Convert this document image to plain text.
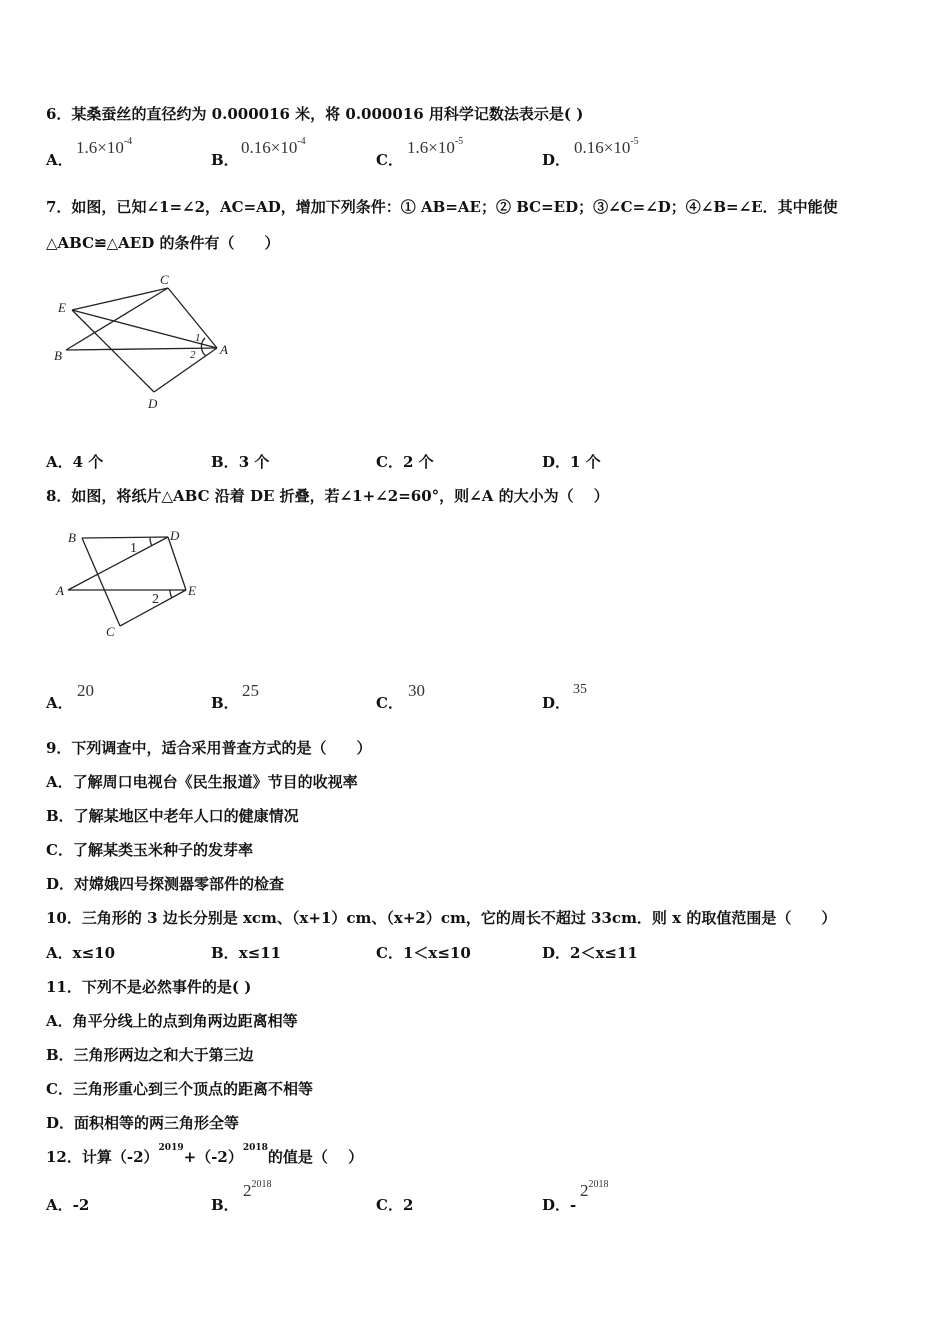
6．某桑蚕丝的直径约为 0.000016 米，将 0.000016 用科学记数法表示是( )
A．
$1.6\times 10^{-4}$
B．
$0.16\times 10^{-4}$
C．
$1.6\times 10^{-5}$
D．
$0.16\times 10^{-5}$
7．如图，已知∠1=∠2，AC=AD，增加下列条件：① AB=AE；② BC=ED；③∠C=∠D；④∠B=∠E．其中能使
△ABC≌△AED 的条件有（　　）
E
B
C
D
A
1
2
A．4 个	B．3 个	C．2 个	D．1 个
8．如图，将纸片△ABC 沿着 DE 折叠，若∠1+∠2=60°，则∠A 的大小为（　 ）
B	D
A	E
C
1
2
A．
20
B．
25
C．
30
D．
35
9．下列调查中，适合采用普查方式的是（　　）
A．了解周口电视台《民生报道》节目的收视率
B．了解某地区中老年人口的健康情况
C．了解某类玉米种子的发芽率
D．对嫦娥四号探测器零部件的检查
10．三角形的 3 边长分别是 xcm、（x+1）cm、（x+2）cm，它的周长不超过 33cm．则 x 的取值范围是（　　）
A．x≤10	B．x≤11	C．1＜x≤10	D．2＜x≤11
11．下列不是必然事件的是( )
A．角平分线上的点到角两边距离相等
B．三角形两边之和大于第三边
C．三角形重心到三个顶点的距离不相等
D．面积相等的两三角形全等
12．计算$(-2)^{2019}+(-2)^{2018}$的值是（　 ）
A．-2	B．
$2^{2018}$
C．2	D．-
$2^{2018}$
